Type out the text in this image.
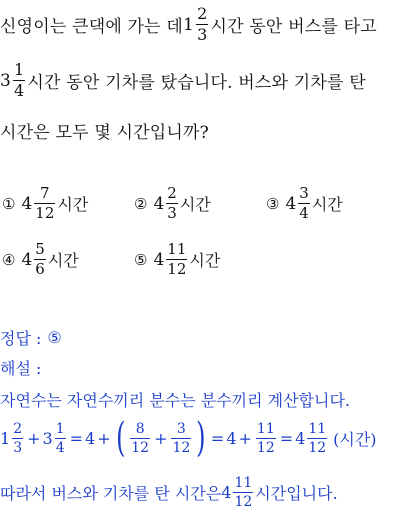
신영이는 큰댁에 가는 데 $1 \frac{2}{3}$ 시간 동안 버스를 타고
$3 \frac{1}{4}$ 시간 동안 기차를 탔습니다. 버스와 기차를 탄
시간은 모두 몇 시간입니까?
① $4 \frac{7}{12}$ 시간	② $4 \frac{2}{3}$ 시간	③ $4 \frac{3}{4}$ 시간
④ $4 \frac{5}{6}$ 시간	⑤ $4 \frac{11}{12}$ 시간
정답 : ⑤
해설 :
자연수는 자연수끼리 분수는 분수끼리 계산합니다.
$1 \frac{2}{3} + 3 \frac{1}{4} = 4$ + ( $\frac{8}{12} + \frac{3}{12}$ ) = $4 + \frac{11}{12} = 4 \frac{11}{12}$ (시간)
따라서 버스와 기차를 탄 시간은 $4 \frac{11}{12}$ 시간입니다.
